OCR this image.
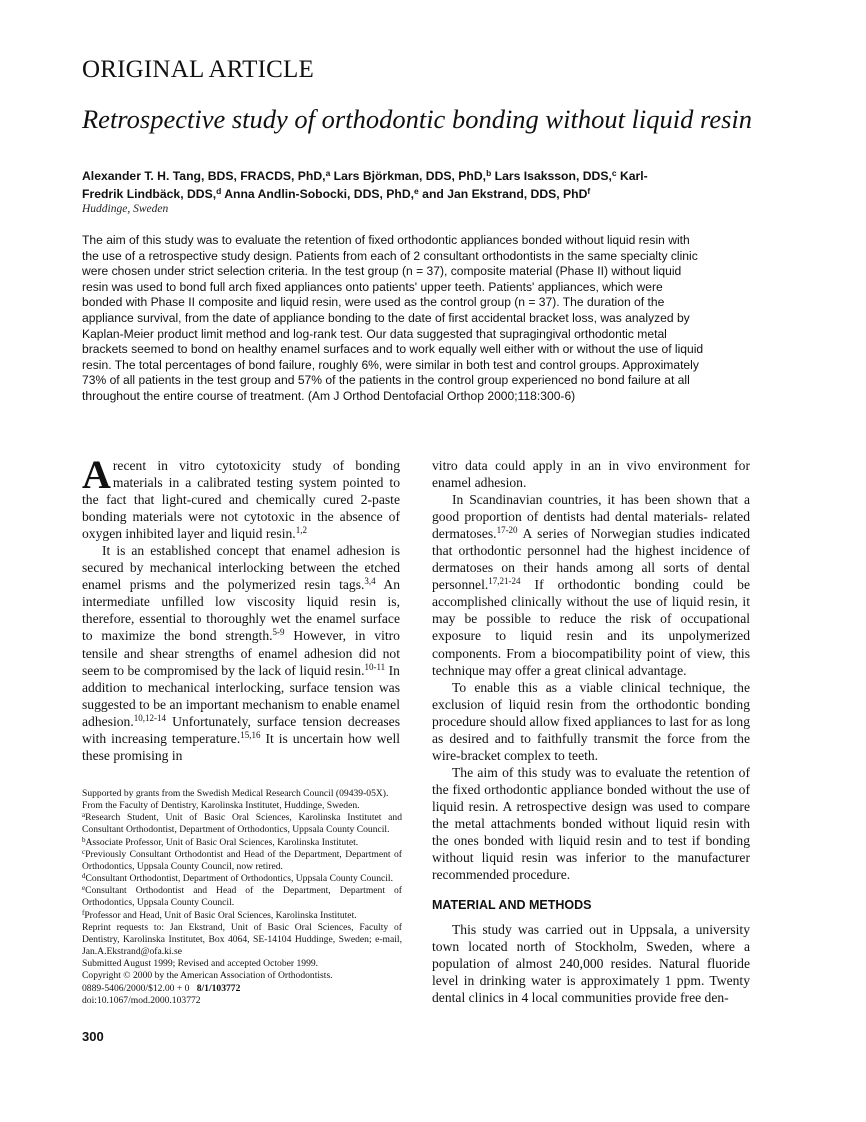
ORIGINAL ARTICLE
Retrospective study of orthodontic bonding without liquid resin
Alexander T. H. Tang, BDS, FRACDS, PhD,$^a$ Lars Björkman, DDS, PhD,$^b$ Lars Isaksson, DDS,$^c$ Karl-
Fredrik Lindbäck, DDS,$^d$ Anna Andlin-Sobocki, DDS, PhD,$^e$ and Jan Ekstrand, DDS, PhD$^f$
Huddinge, Sweden

The aim of this study was to evaluate the retention of fixed orthodontic appliances bonded without liquid resin with the use of a retrospective study design. Patients from each of 2 consultant orthodontists in the same specialty clinic were chosen under strict selection criteria. In the test group (n = 37), composite material (Phase II) without liquid resin was used to bond full arch fixed appliances onto patients' upper teeth. Patients' appliances, which were bonded with Phase II composite and liquid resin, were used as the control group (n = 37). The duration of the appliance survival, from the date of appliance bonding to the date of first accidental bracket loss, was analyzed by Kaplan-Meier product limit method and log-rank test. Our data suggested that supragingival orthodontic metal brackets seemed to bond on healthy enamel surfaces and to work equally well either with or without the use of liquid resin. The total percentages of bond failure, roughly 6%, were similar in both test and control groups. Approximately 73% of all patients in the test group and 57% of the patients in the control group experienced no bond failure at all throughout the entire course of treatment. (Am J Orthod Dentofacial Orthop 2000;118:300-6)

A recent in vitro cytotoxicity study of bonding materials in a calibrated testing system pointed to the fact that light-cured and chemically cured 2-paste bonding materials were not cytotoxic in the absence of oxygen inhibited layer and liquid resin.$^{1,2}$

It is an established concept that enamel adhesion is secured by mechanical interlocking between the etched enamel prisms and the polymerized resin tags.$^{3,4}$ An intermediate unfilled low viscosity liquid resin is, therefore, essential to thoroughly wet the enamel surface to maximize the bond strength.$^{5-9}$ However, in vitro tensile and shear strengths of enamel adhesion did not seem to be compromised by the lack of liquid resin.$^{10-11}$ In addition to mechanical interlocking, surface tension was suggested to be an important mechanism to enable enamel adhesion.$^{10,12-14}$ Unfortunately, surface tension decreases with increasing temperature.$^{15,16}$ It is uncertain how well these promising in

Supported by grants from the Swedish Medical Research Council (09439-05X).
From the Faculty of Dentistry, Karolinska Institutet, Huddinge, Sweden.
$^a$Research Student, Unit of Basic Oral Sciences, Karolinska Institutet and Consultant Orthodontist, Department of Orthodontics, Uppsala County Council.
$^b$Associate Professor, Unit of Basic Oral Sciences, Karolinska Institutet.
$^c$Previously Consultant Orthodontist and Head of the Department, Department of Orthodontics, Uppsala County Council, now retired.
$^d$Consultant Orthodontist, Department of Orthodontics, Uppsala County Council.
$^e$Consultant Orthodontist and Head of the Department, Department of Orthodontics, Uppsala County Council.
$^f$Professor and Head, Unit of Basic Oral Sciences, Karolinska Institutet.
Reprint requests to: Jan Ekstrand, Unit of Basic Oral Sciences, Faculty of Dentistry, Karolinska Institutet, Box 4064, SE-14104 Huddinge, Sweden; e-mail, Jan.A.Ekstrand@ofa.ki.se
Submitted August 1999; Revised and accepted October 1999.
Copyright © 2000 by the American Association of Orthodontists.
0889-5406/2000/$12.00 + 0 8/1/103772
doi:10.1067/mod.2000.103772
300

vitro data could apply in an in vivo environment for enamel adhesion.

In Scandinavian countries, it has been shown that a good proportion of dentists had dental materials- related dermatoses.$^{17-20}$ A series of Norwegian studies indicated that orthodontic personnel had the highest incidence of dermatoses on their hands among all sorts of dental personnel.$^{17,21-24}$ If orthodontic bonding could be accomplished clinically without the use of liquid resin, it may be possible to reduce the risk of occupational exposure to liquid resin and its unpolymerized components. From a biocompatibility point of view, this technique may offer a great clinical advantage.

To enable this as a viable clinical technique, the exclusion of liquid resin from the orthodontic bonding procedure should allow fixed appliances to last for as long as desired and to faithfully transmit the force from the wire-bracket complex to teeth.

The aim of this study was to evaluate the retention of the fixed orthodontic appliance bonded without the use of liquid resin. A retrospective design was used to compare the metal attachments bonded without liquid resin with the ones bonded with liquid resin and to test if bonding without liquid resin was inferior to the manufacturer recommended procedure.

MATERIAL AND METHODS

This study was carried out in Uppsala, a university town located north of Stockholm, Sweden, where a population of almost 240,000 resides. Natural fluoride level in drinking water is approximately 1 ppm. Twenty dental clinics in 4 local communities provide free den-
